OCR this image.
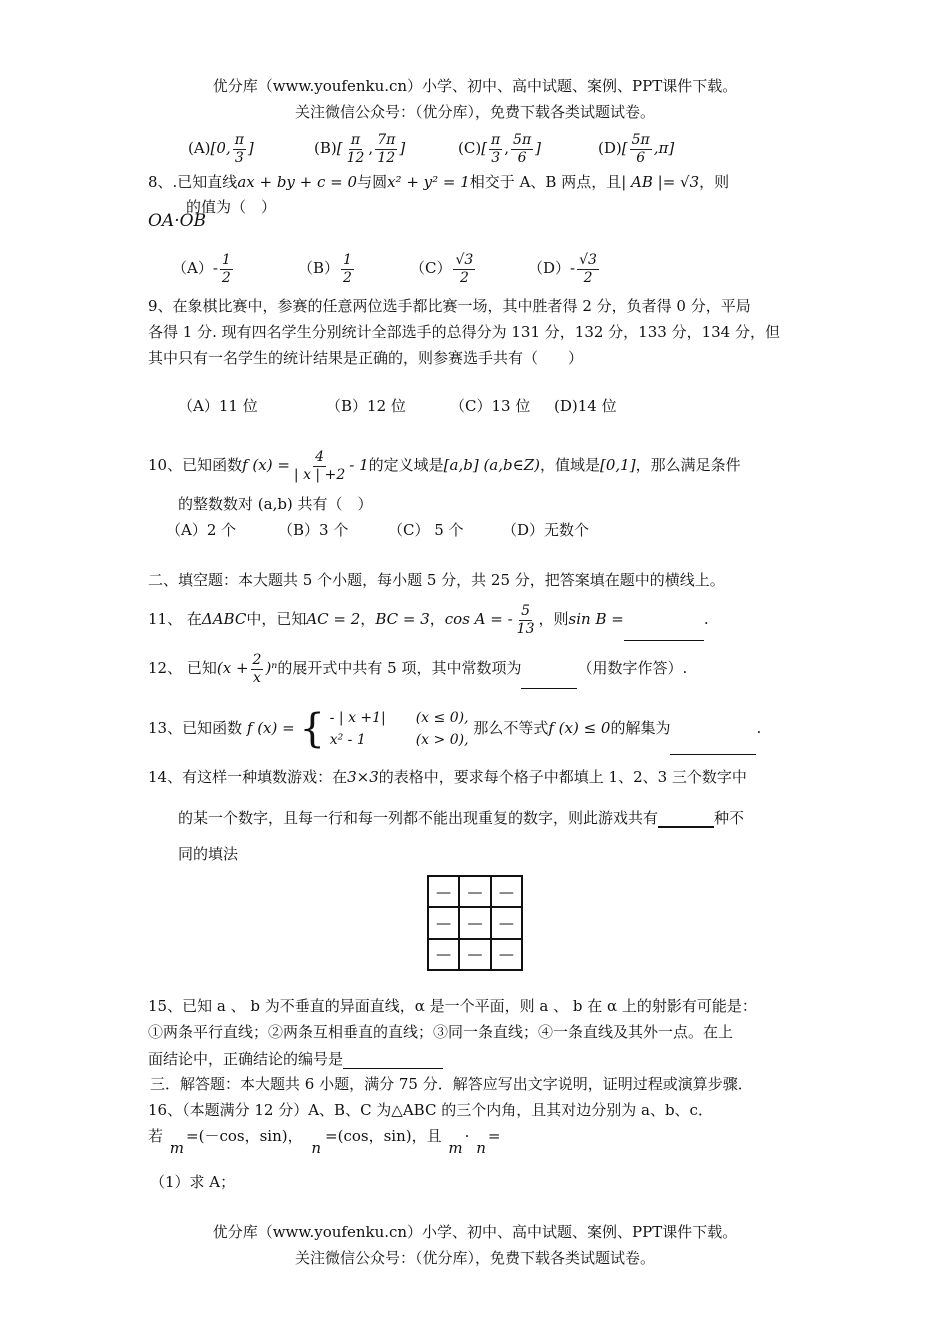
优分库（www.youfenku.cn）小学、初中、高中试题、案例、PPT课件下载。
关注微信公众号：（优分库），免费下载各类试题试卷。
(A)[0, $\frac{\pi}{3}$ ]	$(B)[ \frac{\pi}{12}$ , $\frac{7\pi}{12}$ ]	$(C)[ \frac{\pi}{3}$ , $\frac{5\pi}{6}$ ]	$(D)[ \frac{5\pi}{6} ,\pi]$
8、.已知直线ax + by + c = 0与圆x² + y² = 1相交于 A、B 两点，且| AB |= √3，则
的值为（　）
OA·OB
$(A)- \frac{1}{2}$	$(B) \frac{1}{2}$	$(C) \frac{√3}{2}$	$(D)- \frac{√3}{2}$
9、在象棋比赛中，参赛的任意两位选手都比赛一场，其中胜者得 2 分，负者得 0 分，平局
各得 1 分. 现有四名学生分别统计全部选手的总得分为 131 分，132 分，133 分，134 分，但
其中只有一名学生的统计结果是正确的，则参赛选手共有（　　）
（A）11 位	（B）12 位	（C）13 位 (D)14 位
10、已知函数f $(x) = \frac{4}{| x | +2} - 1$的定义域是[a,b] (a,b∈Z)，值域是[0,1]，那么满足条件
的整数数对 (a,b) 共有（　）
（A）2 个	（B）3 个	（C） 5 个	（D）无数个
二、填空题：本大题共 5 个小题，每小题 5 分，共 25 分，把答案填在题中的横线上。
11、 在ΔABC中，已知AC = 2，BC = 3，cos A = - $\frac{5}{13}$ ，则sin B =	.
12、 已知$(x + \frac{2}{x} )^n$的展开式中共有 5 项，其中常数项为	（用数字作答）.
13、已知函数 f (x) = { - | x +1| (x ≤ 0),
x² - 1	(x > 0),
那么不等式f (x) ≤ 0的解集为	.
14、有这样一种填数游戏：在3×3的表格中，要求每个格子中都填上 1、2、3 三个数字中
的某一个数字，且每一行和每一列都不能出现重复的数字，则此游戏共有	种不
同的填法
—	—	—
—	—	—
—	—	—
15、已知 a 、 b 为不垂直的异面直线，α 是一个平面，则 a 、 b 在 α 上的射影有可能是：
①两条平行直线；②两条互相垂直的直线；③同一条直线；④一条直线及其外一点。在上
面结论中，正确结论的编号是
三．解答题：本大题共 6 小题，满分 75 分．解答应写出文字说明，证明过程或演算步骤．
16、（本题满分 12 分）A、B、C 为△ABC 的三个内角，且其对边分别为 a、b、c．
若 m=(－cos，sin)， n=(cos，sin)，且 m· n=
（1）求 A；
优分库（www.youfenku.cn）小学、初中、高中试题、案例、PPT课件下载。
关注微信公众号：（优分库），免费下载各类试题试卷。
